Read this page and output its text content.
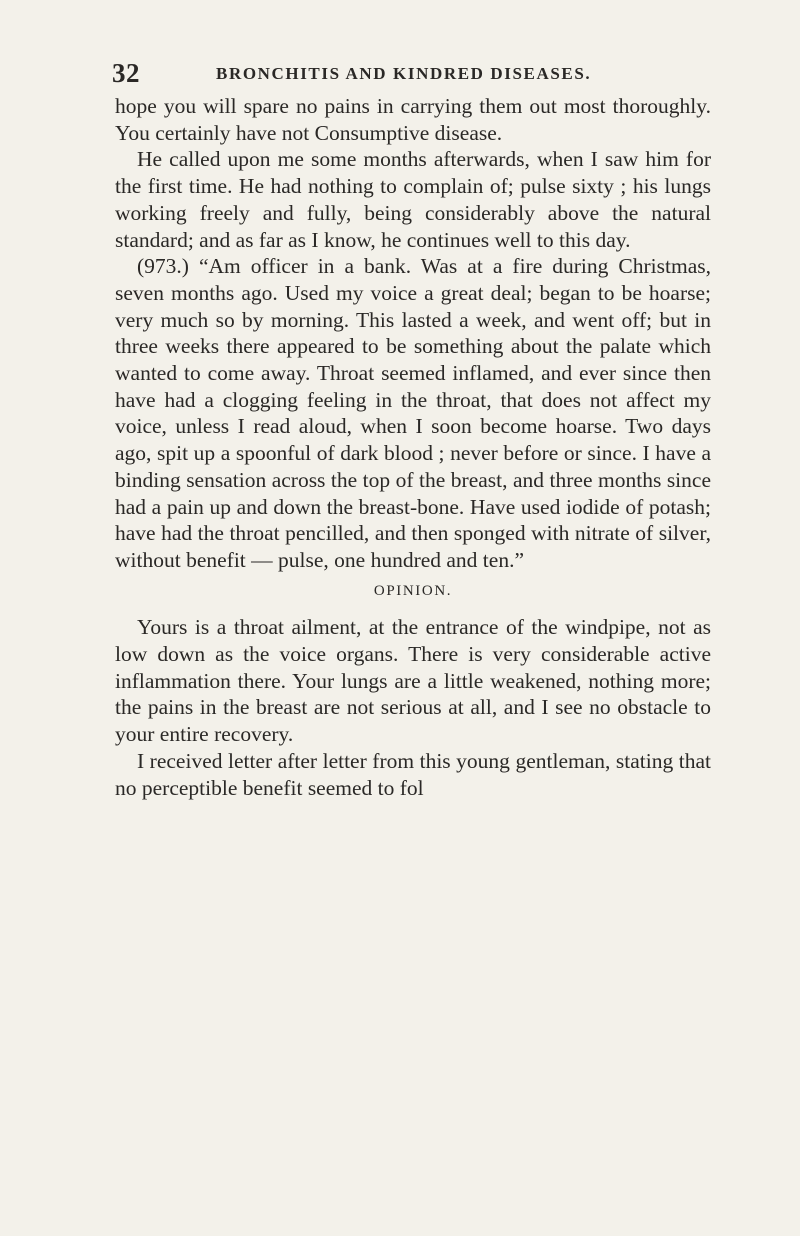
32	BRONCHITIS AND KINDRED DISEASES.

hope you will spare no pains in carrying them out most thoroughly. You certainly have not Consumptive disease.

He called upon me some months afterwards, when I saw him for the first time. He had nothing to complain of; pulse sixty ; his lungs working freely and fully, being considerably above the natural standard; and as far as I know, he continues well to this day.

(973.) “Am officer in a bank. Was at a fire during Christmas, seven months ago. Used my voice a great deal; began to be hoarse; very much so by morning. This lasted a week, and went off; but in three weeks there appeared to be something about the palate which wanted to come away. Throat seemed inflamed, and ever since then have had a clogging feeling in the throat, that does not affect my voice, unless I read aloud, when I soon become hoarse. Two days ago, spit up a spoonful of dark blood ; never before or since. I have a binding sensation across the top of the breast, and three months since had a pain up and down the breast-bone. Have used iodide of potash; have had the throat pencilled, and then sponged with nitrate of silver, without benefit — pulse, one hundred and ten.”

OPINION.

Yours is a throat ailment, at the entrance of the windpipe, not as low down as the voice organs. There is very considerable active inflammation there. Your lungs are a little weakened, nothing more; the pains in the breast are not serious at all, and I see no obstacle to your entire recovery.

I received letter after letter from this young gentleman, stating that no perceptible benefit seemed to fol
